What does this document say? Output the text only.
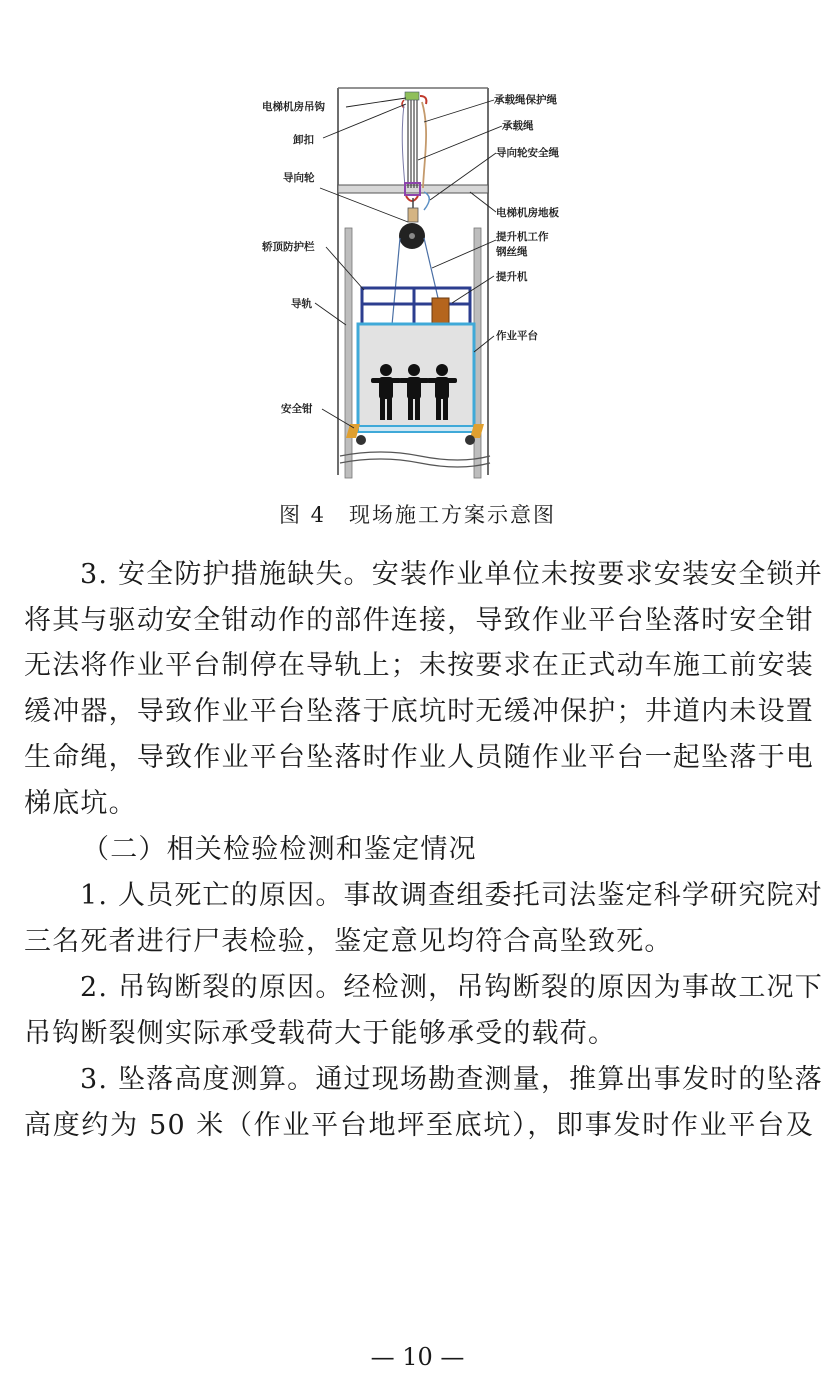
电梯机房吊钩
卸扣
导向轮
轿顶防护栏
导轨
安全钳
承载绳保护绳
承载绳
导向轮安全绳
电梯机房地板
提升机工作
钢丝绳
提升机
作业平台
图 4　现场施工方案示意图
3. 安全防护措施缺失。安装作业单位未按要求安装安全锁并
将其与驱动安全钳动作的部件连接，导致作业平台坠落时安全钳
无法将作业平台制停在导轨上；未按要求在正式动车施工前安装
缓冲器，导致作业平台坠落于底坑时无缓冲保护；井道内未设置
生命绳，导致作业平台坠落时作业人员随作业平台一起坠落于电
梯底坑。
（二）相关检验检测和鉴定情况
1. 人员死亡的原因。事故调查组委托司法鉴定科学研究院对
三名死者进行尸表检验，鉴定意见均符合高坠致死。
2. 吊钩断裂的原因。经检测，吊钩断裂的原因为事故工况下
吊钩断裂侧实际承受载荷大于能够承受的载荷。
3. 坠落高度测算。通过现场勘查测量，推算出事发时的坠落
高度约为 50 米（作业平台地坪至底坑），即事发时作业平台及
— 10 —
